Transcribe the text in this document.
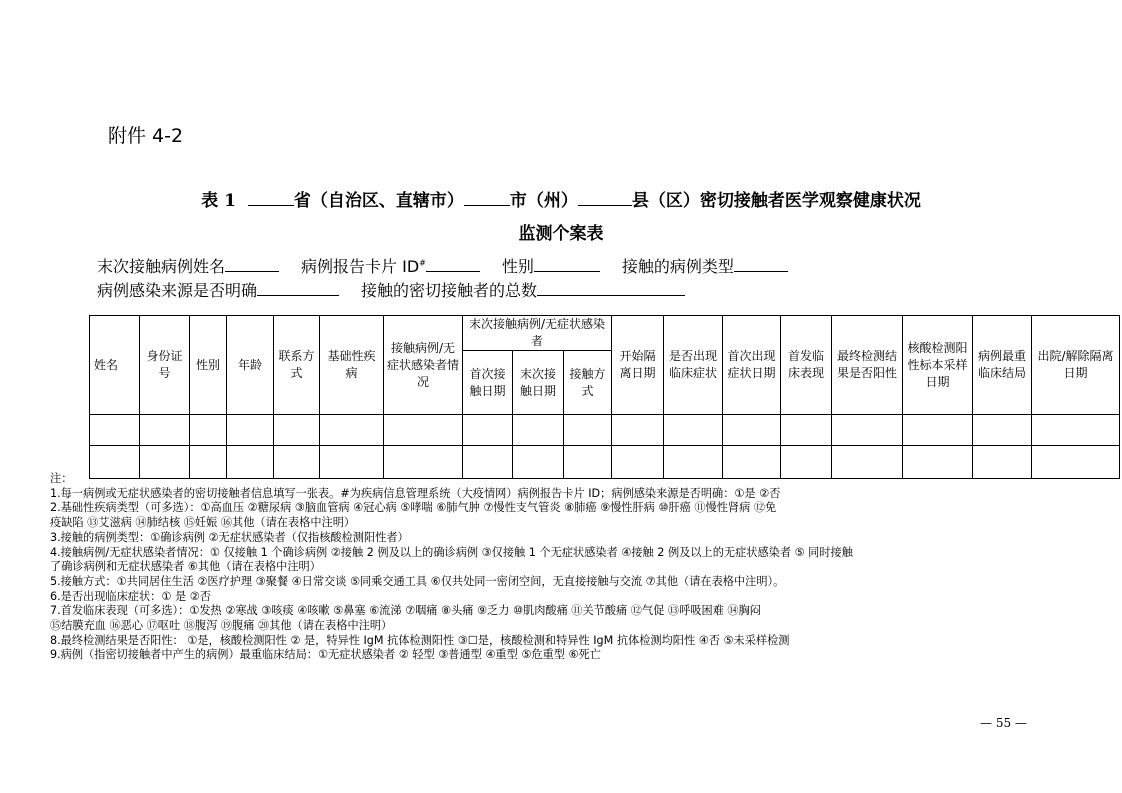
附件 4-2
表 1	省（自治区、直辖市）	市（州）	县（区）密切接触者医学观察健康状况
监测个案表
末次接触病例姓名	病例报告卡片 ID#	性别	接触的病例类型
病例感染来源是否明确	接触的密切接触者的总数
姓名	身份证号	性别	年龄	联系方式	基础性疾病	接触病例/无症状感染者情况	末次接触病例/无症状感染者			开始隔离日期	是否出现临床症状	首次出现症状日期	首发临床表现	最终检测结果是否阳性	核酸检测阳性标本采样日期	病例最重临床结局	出院/解除隔离日期
							首次接触日期	末次接触日期	接触方式								

注：
1.每一病例或无症状感染者的密切接触者信息填写一张表。#为疾病信息管理系统（大疫情网）病例报告卡片 ID；病例感染来源是否明确：①是 ②否
2.基础性疾病类型（可多选）：①高血压 ②糖尿病 ③脑血管病 ④冠心病 ⑤哮喘 ⑥肺气肿 ⑦慢性支气管炎 ⑧肺癌 ⑨慢性肝病 ⑩肝癌 ⑪慢性肾病 ⑫免
疫缺陷 ⑬艾滋病 ⑭肺结核 ⑮妊娠 ⑯其他（请在表格中注明）
3.接触的病例类型：①确诊病例 ②无症状感染者（仅指核酸检测阳性者）
4.接触病例/无症状感染者情况：① 仅接触 1 个确诊病例 ②接触 2 例及以上的确诊病例 ③仅接触 1 个无症状感染者 ④接触 2 例及以上的无症状感染者 ⑤ 同时接触
了确诊病例和无症状感染者 ⑥其他（请在表格中注明）
5.接触方式：①共同居住生活 ②医疗护理 ③聚餐 ④日常交谈 ⑤同乘交通工具 ⑥仅共处同一密闭空间，无直接接触与交流 ⑦其他（请在表格中注明）。
6.是否出现临床症状：① 是 ②否
7.首发临床表现（可多选）：①发热 ②寒战 ③咳痰 ④咳嗽 ⑤鼻塞 ⑥流涕 ⑦咽痛 ⑧头痛 ⑨乏力 ⑩肌肉酸痛 ⑪关节酸痛 ⑫气促 ⑬呼吸困难 ⑭胸闷
⑮结膜充血 ⑯恶心 ⑰呕吐 ⑱腹泻 ⑲腹痛 ⑳其他（请在表格中注明）
8.最终检测结果是否阳性： ①是，核酸检测阳性 ② 是，特异性 IgM 抗体检测阳性 ③☐是，核酸检测和特异性 IgM 抗体检测均阳性 ④否 ⑤未采样检测
9.病例（指密切接触者中产生的病例）最重临床结局：①无症状感染者 ② 轻型 ③普通型 ④重型 ⑤危重型 ⑥死亡
— 55 —
